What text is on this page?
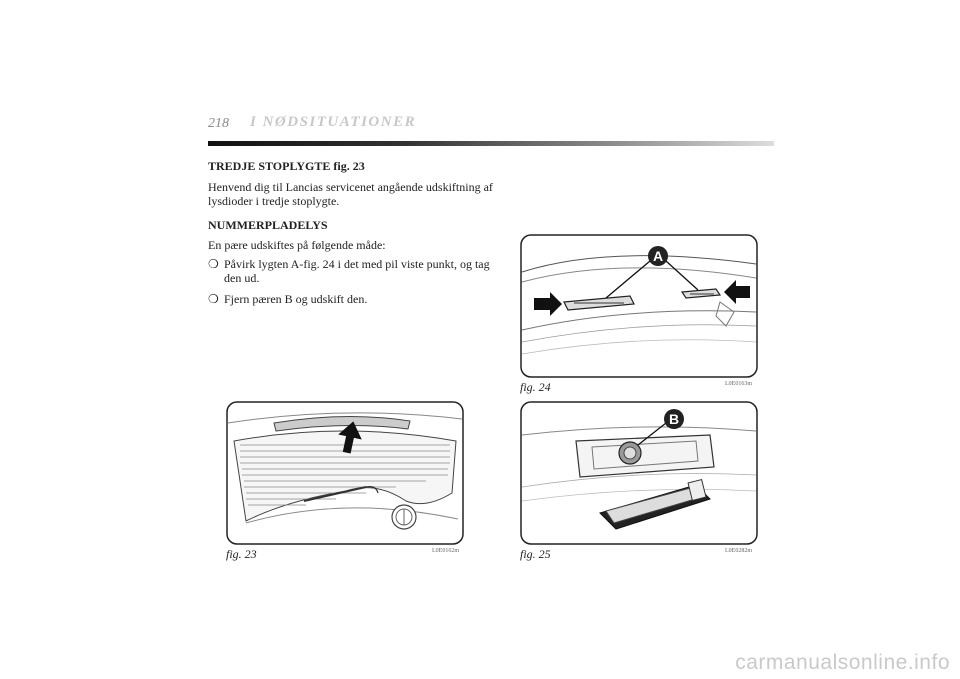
218 I NØDSITUATIONER
TREDJE STOPLYGTE fig. 23
Henvend dig til Lancias servicenet angående udskiftning af lysdioder i tredje stoplygte.
NUMMERPLADELYS
En pære udskiftes på følgende måde:
❍ Påvirk lygten A-fig. 24 i det med pil viste punkt, og tag den ud.
❍ Fjern pæren B og udskift den.
A
fig. 24	L0E0163m
fig. 23	L0E0162m
B
fig. 25	L0E0282m
carmanualsonline.info
